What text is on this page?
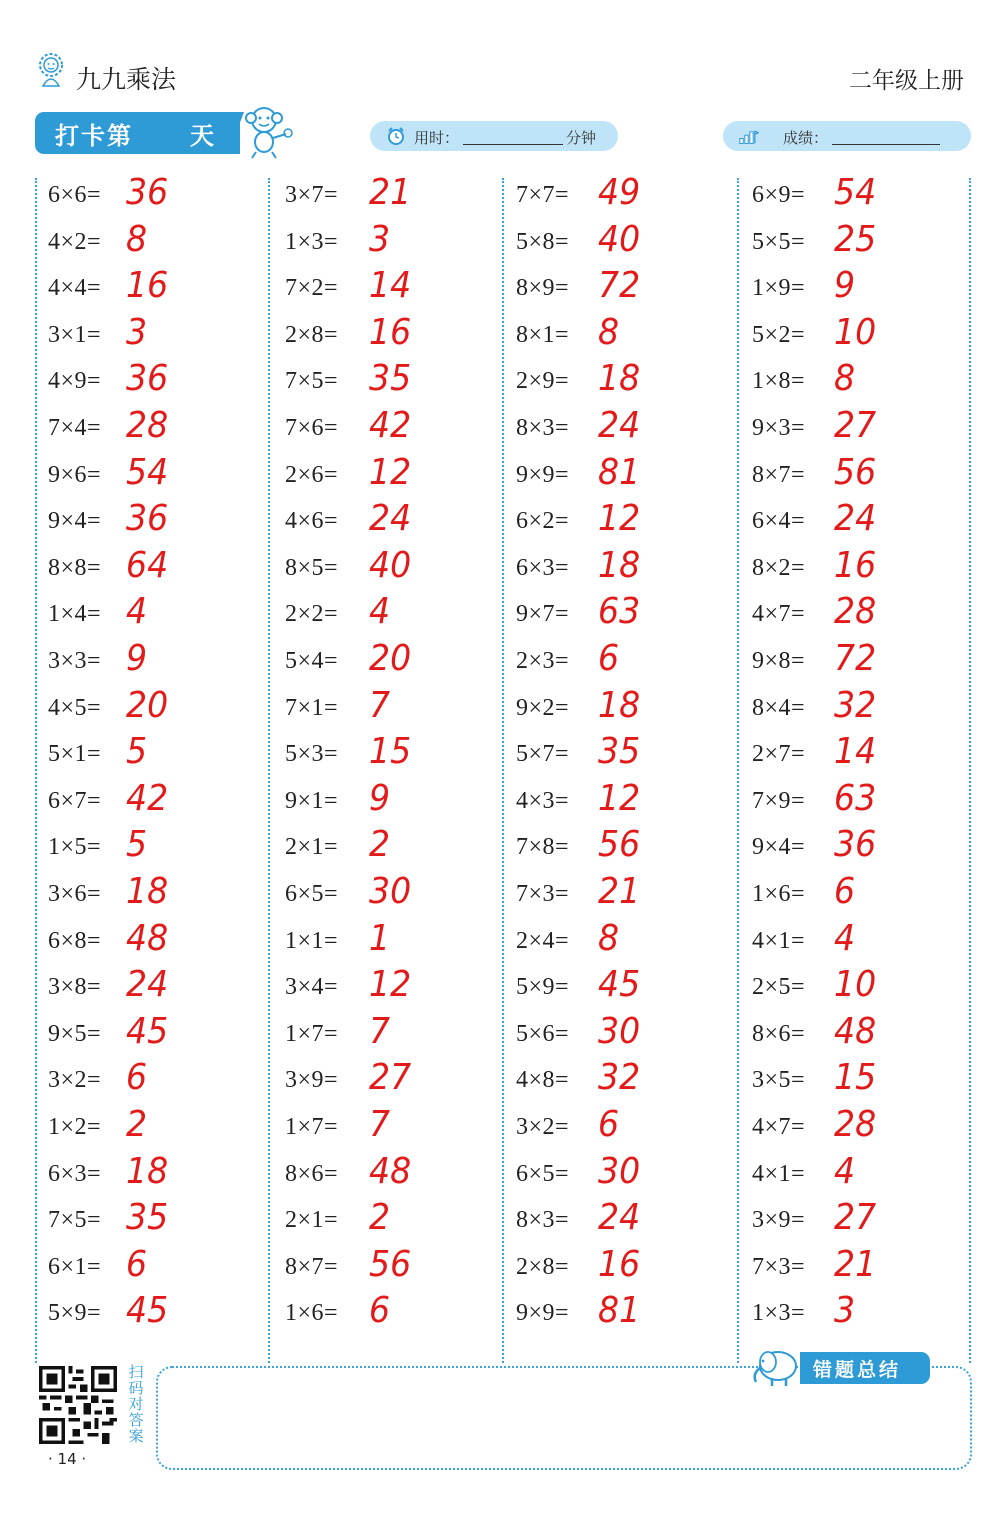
九九乘法	二年级上册
打卡第 天	用时：	分钟	成绩：
6×6= 36
4×2= 8
4×4= 16
3×1= 3
4×9= 36
7×4= 28
9×6= 54
9×4= 36
8×8= 64
1×4= 4
3×3= 9
4×5= 20
5×1= 5
6×7= 42
1×5= 5
3×6= 18
6×8= 48
3×8= 24
9×5= 45
3×2= 6
1×2= 2
6×3= 18
7×5= 35
6×1= 6
5×9= 45
3×7= 21
1×3= 3
7×2= 14
2×8= 16
7×5= 35
7×6= 42
2×6= 12
4×6= 24
8×5= 40
2×2= 4
5×4= 20
7×1= 7
5×3= 15
9×1= 9
2×1= 2
6×5= 30
1×1= 1
3×4= 12
1×7= 7
3×9= 27
1×7= 7
8×6= 48
2×1= 2
8×7= 56
1×6= 6
7×7= 49
5×8= 40
8×9= 72
8×1= 8
2×9= 18
8×3= 24
9×9= 81
6×2= 12
6×3= 18
9×7= 63
2×3= 6
9×2= 18
5×7= 35
4×3= 12
7×8= 56
7×3= 21
2×4= 8
5×9= 45
5×6= 30
4×8= 32
3×2= 6
6×5= 30
8×3= 24
2×8= 16
9×9= 81
6×9= 54
5×5= 25
1×9= 9
5×2= 10
1×8= 8
9×3= 27
8×7= 56
6×4= 24
8×2= 16
4×7= 28
9×8= 72
8×4= 32
2×7= 14
7×9= 63
9×4= 36
1×6= 6
4×1= 4
2×5= 10
8×6= 48
3×5= 15
4×7= 28
4×1= 4
3×9= 27
7×3= 21
1×3= 3
错题总结
扫
码
对
答
案
· 14 ·
